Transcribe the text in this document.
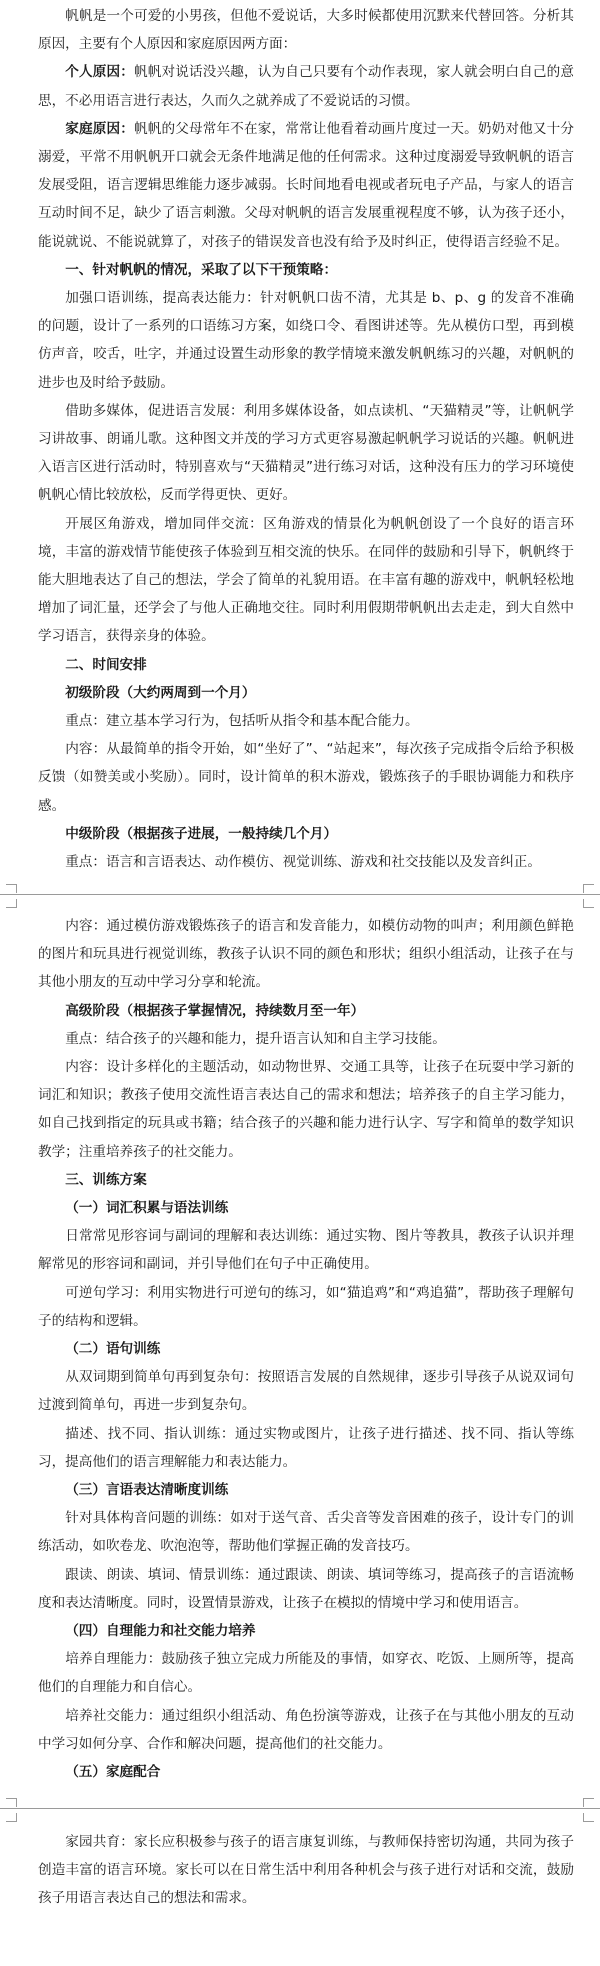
帆帆是一个可爱的小男孩，但他不爱说话，大多时候都使用沉默来代替回答。分析其原因，主要有个人原因和家庭原因两方面：

个人原因：帆帆对说话没兴趣，认为自己只要有个动作表现，家人就会明白自己的意思，不必用语言进行表达，久而久之就养成了不爱说话的习惯。

家庭原因：帆帆的父母常年不在家，常常让他看着动画片度过一天。奶奶对他又十分溺爱，平常不用帆帆开口就会无条件地满足他的任何需求。这种过度溺爱导致帆帆的语言发展受阻，语言逻辑思维能力逐步减弱。长时间地看电视或者玩电子产品，与家人的语言互动时间不足，缺少了语言刺激。父母对帆帆的语言发展重视程度不够，认为孩子还小，能说就说、不能说就算了，对孩子的错误发音也没有给予及时纠正，使得语言经验不足。

一、针对帆帆的情况，采取了以下干预策略：

加强口语训练，提高表达能力：针对帆帆口齿不清，尤其是 b、p、g 的发音不准确的问题，设计了一系列的口语练习方案，如绕口令、看图讲述等。先从模仿口型，再到模仿声音，咬舌，吐字，并通过设置生动形象的教学情境来激发帆帆练习的兴趣，对帆帆的进步也及时给予鼓励。

借助多媒体，促进语言发展：利用多媒体设备，如点读机、“天猫精灵”等，让帆帆学习讲故事、朗诵儿歌。这种图文并茂的学习方式更容易激起帆帆学习说话的兴趣。帆帆进入语言区进行活动时，特别喜欢与“天猫精灵”进行练习对话，这种没有压力的学习环境使帆帆心情比较放松，反而学得更快、更好。

开展区角游戏，增加同伴交流：区角游戏的情景化为帆帆创设了一个良好的语言环境，丰富的游戏情节能使孩子体验到互相交流的快乐。在同伴的鼓励和引导下，帆帆终于能大胆地表达了自己的想法，学会了简单的礼貌用语。在丰富有趣的游戏中，帆帆轻松地增加了词汇量，还学会了与他人正确地交往。同时利用假期带帆帆出去走走，到大自然中学习语言，获得亲身的体验。

二、时间安排
初级阶段（大约两周到一个月）

重点：建立基本学习行为，包括听从指令和基本配合能力。

内容：从最简单的指令开始，如“坐好了”、“站起来”，每次孩子完成指令后给予积极反馈（如赞美或小奖励）。同时，设计简单的积木游戏，锻炼孩子的手眼协调能力和秩序感。

中级阶段（根据孩子进展，一般持续几个月）

重点：语言和言语表达、动作模仿、视觉训练、游戏和社交技能以及发音纠正。

内容：通过模仿游戏锻炼孩子的语言和发音能力，如模仿动物的叫声；利用颜色鲜艳的图片和玩具进行视觉训练，教孩子认识不同的颜色和形状；组织小组活动，让孩子在与其他小朋友的互动中学习分享和轮流。

高级阶段（根据孩子掌握情况，持续数月至一年）

重点：结合孩子的兴趣和能力，提升语言认知和自主学习技能。

内容：设计多样化的主题活动，如动物世界、交通工具等，让孩子在玩耍中学习新的词汇和知识；教孩子使用交流性语言表达自己的需求和想法；培养孩子的自主学习能力，如自己找到指定的玩具或书籍；结合孩子的兴趣和能力进行认字、写字和简单的数学知识教学；注重培养孩子的社交能力。

三、训练方案
（一）词汇积累与语法训练

日常常见形容词与副词的理解和表达训练：通过实物、图片等教具，教孩子认识并理解常见的形容词和副词，并引导他们在句子中正确使用。

可逆句学习：利用实物进行可逆句的练习，如“猫追鸡”和“鸡追猫”，帮助孩子理解句子的结构和逻辑。

（二）语句训练

从双词期到简单句再到复杂句：按照语言发展的自然规律，逐步引导孩子从说双词句过渡到简单句，再进一步到复杂句。

描述、找不同、指认训练：通过实物或图片，让孩子进行描述、找不同、指认等练习，提高他们的语言理解能力和表达能力。

（三）言语表达清晰度训练

针对具体构音问题的训练：如对于送气音、舌尖音等发音困难的孩子，设计专门的训练活动，如吹卷龙、吹泡泡等，帮助他们掌握正确的发音技巧。

跟读、朗读、填词、情景训练：通过跟读、朗读、填词等练习，提高孩子的言语流畅度和表达清晰度。同时，设置情景游戏，让孩子在模拟的情境中学习和使用语言。

（四）自理能力和社交能力培养

培养自理能力：鼓励孩子独立完成力所能及的事情，如穿衣、吃饭、上厕所等，提高他们的自理能力和自信心。

培养社交能力：通过组织小组活动、角色扮演等游戏，让孩子在与其他小朋友的互动中学习如何分享、合作和解决问题，提高他们的社交能力。

（五）家庭配合

家园共育：家长应积极参与孩子的语言康复训练，与教师保持密切沟通，共同为孩子创造丰富的语言环境。家长可以在日常生活中利用各种机会与孩子进行对话和交流，鼓励孩子用语言表达自己的想法和需求。
